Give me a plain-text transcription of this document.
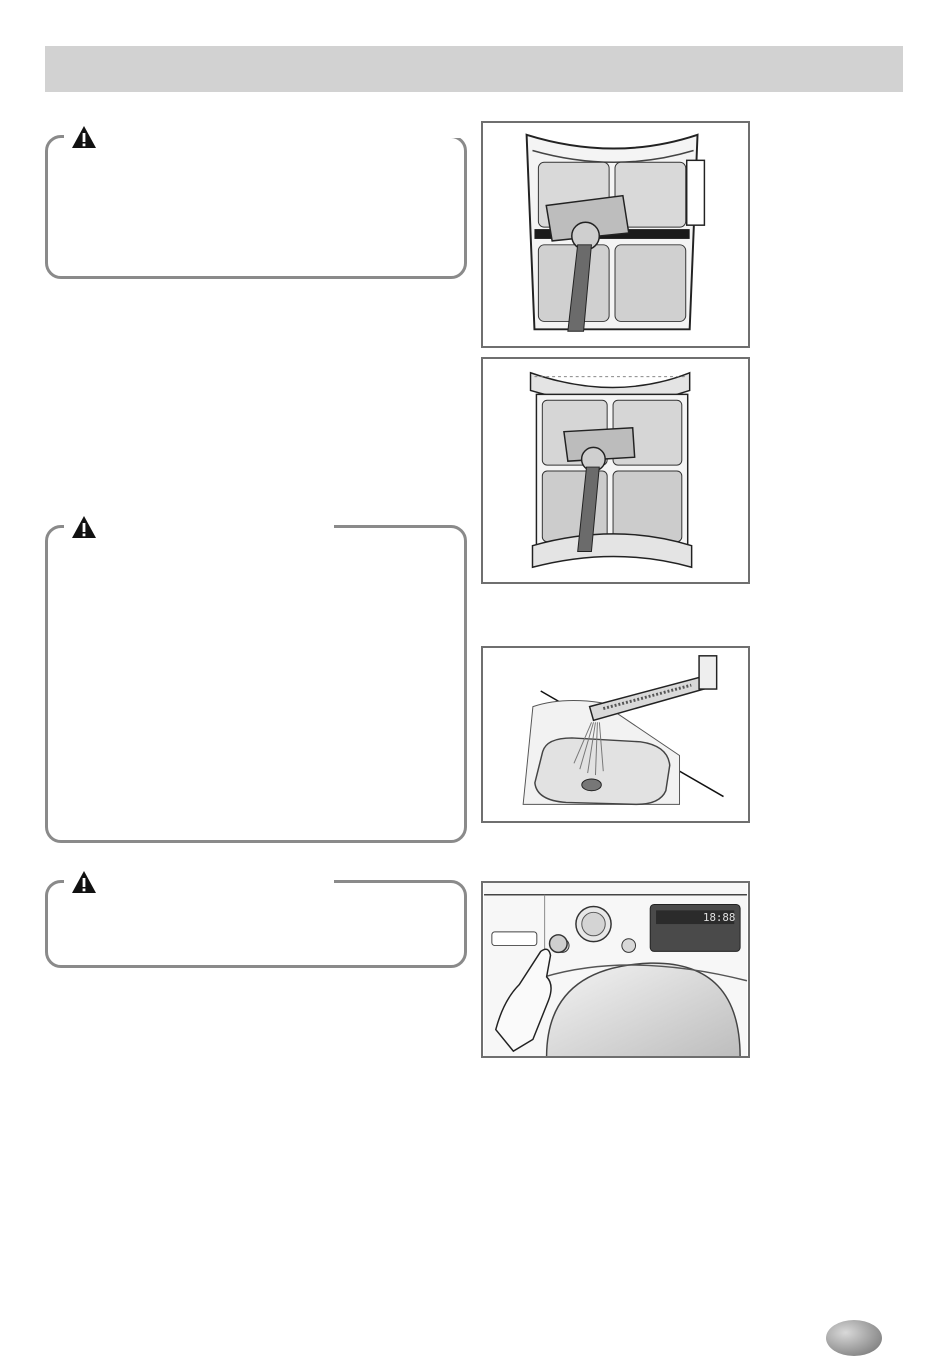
18:88
